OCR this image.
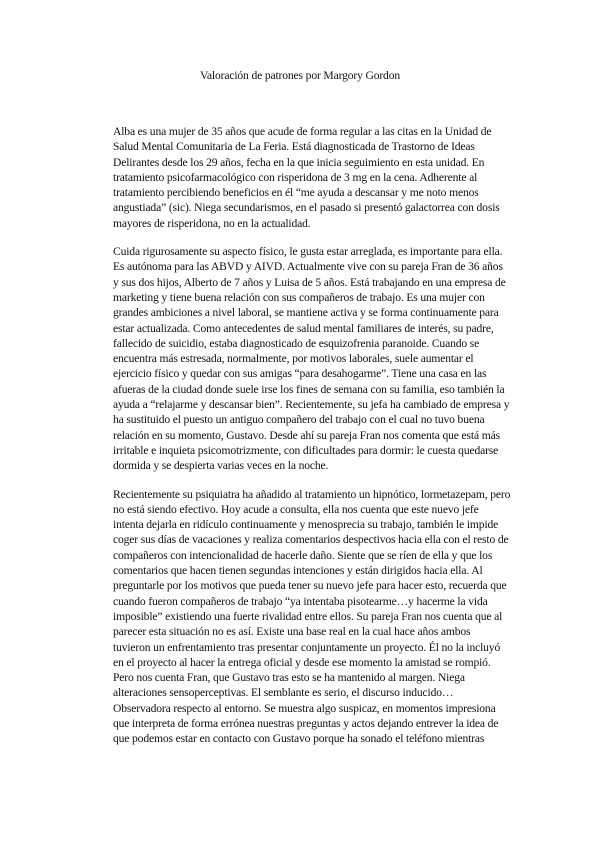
Valoración de patrones por Margory Gordon

Alba es una mujer de 35 años que acude de forma regular a las citas en la Unidad de
Salud Mental Comunitaria de La Feria. Está diagnosticada de Trastorno de Ideas
Delirantes desde los 29 años, fecha en la que inicia seguimiento en esta unidad. En
tratamiento psicofarmacológico con risperidona de 3 mg en la cena. Adherente al
tratamiento percibiendo beneficios en él “me ayuda a descansar y me noto menos
angustiada” (sic). Niega secundarismos, en el pasado si presentó galactorrea con dosis
mayores de risperidona, no en la actualidad.

Cuida rigurosamente su aspecto físico, le gusta estar arreglada, es importante para ella.
Es autónoma para las ABVD y AIVD. Actualmente vive con su pareja Fran de 36 años
y sus dos hijos, Alberto de 7 años y Luisa de 5 años. Está trabajando en una empresa de
marketing y tiene buena relación con sus compañeros de trabajo. Es una mujer con
grandes ambiciones a nivel laboral, se mantiene activa y se forma continuamente para
estar actualizada. Como antecedentes de salud mental familiares de interés, su padre,
fallecido de suicidio, estaba diagnosticado de esquizofrenia paranoide. Cuando se
encuentra más estresada, normalmente, por motivos laborales, suele aumentar el
ejercicio físico y quedar con sus amigas “para desahogarme”. Tiene una casa en las
afueras de la ciudad donde suele irse los fines de semana con su familia, eso también la
ayuda a “relajarme y descansar bien”. Recientemente, su jefa ha cambiado de empresa y
ha sustituido el puesto un antiguo compañero del trabajo con el cual no tuvo buena
relación en su momento, Gustavo. Desde ahí su pareja Fran nos comenta que está más
irritable e inquieta psicomotrizmente, con dificultades para dormir: le cuesta quedarse
dormida y se despierta varias veces en la noche.

Recientemente su psiquiatra ha añadido al tratamiento un hipnótico, lormetazepam, pero
no está siendo efectivo. Hoy acude a consulta, ella nos cuenta que este nuevo jefe
intenta dejarla en ridículo continuamente y menosprecia su trabajo, también le impide
coger sus días de vacaciones y realiza comentarios despectivos hacia ella con el resto de
compañeros con intencionalidad de hacerle daño. Siente que se ríen de ella y que los
comentarios que hacen tienen segundas intenciones y están dirigidos hacia ella. Al
preguntarle por los motivos que pueda tener su nuevo jefe para hacer esto, recuerda que
cuando fueron compañeros de trabajo “ya intentaba pisotearme…y hacerme la vida
imposible” existiendo una fuerte rivalidad entre ellos. Su pareja Fran nos cuenta que al
parecer esta situación no es así. Existe una base real en la cual hace años ambos
tuvieron un enfrentamiento tras presentar conjuntamente un proyecto. Él no la incluyó
en el proyecto al hacer la entrega oficial y desde ese momento la amistad se rompió.
Pero nos cuenta Fran, que Gustavo tras esto se ha mantenido al margen. Niega
alteraciones sensoperceptivas. El semblante es serio, el discurso inducido…
Observadora respecto al entorno. Se muestra algo suspicaz, en momentos impresiona
que interpreta de forma errónea nuestras preguntas y actos dejando entrever la idea de
que podemos estar en contacto con Gustavo porque ha sonado el teléfono mientras
